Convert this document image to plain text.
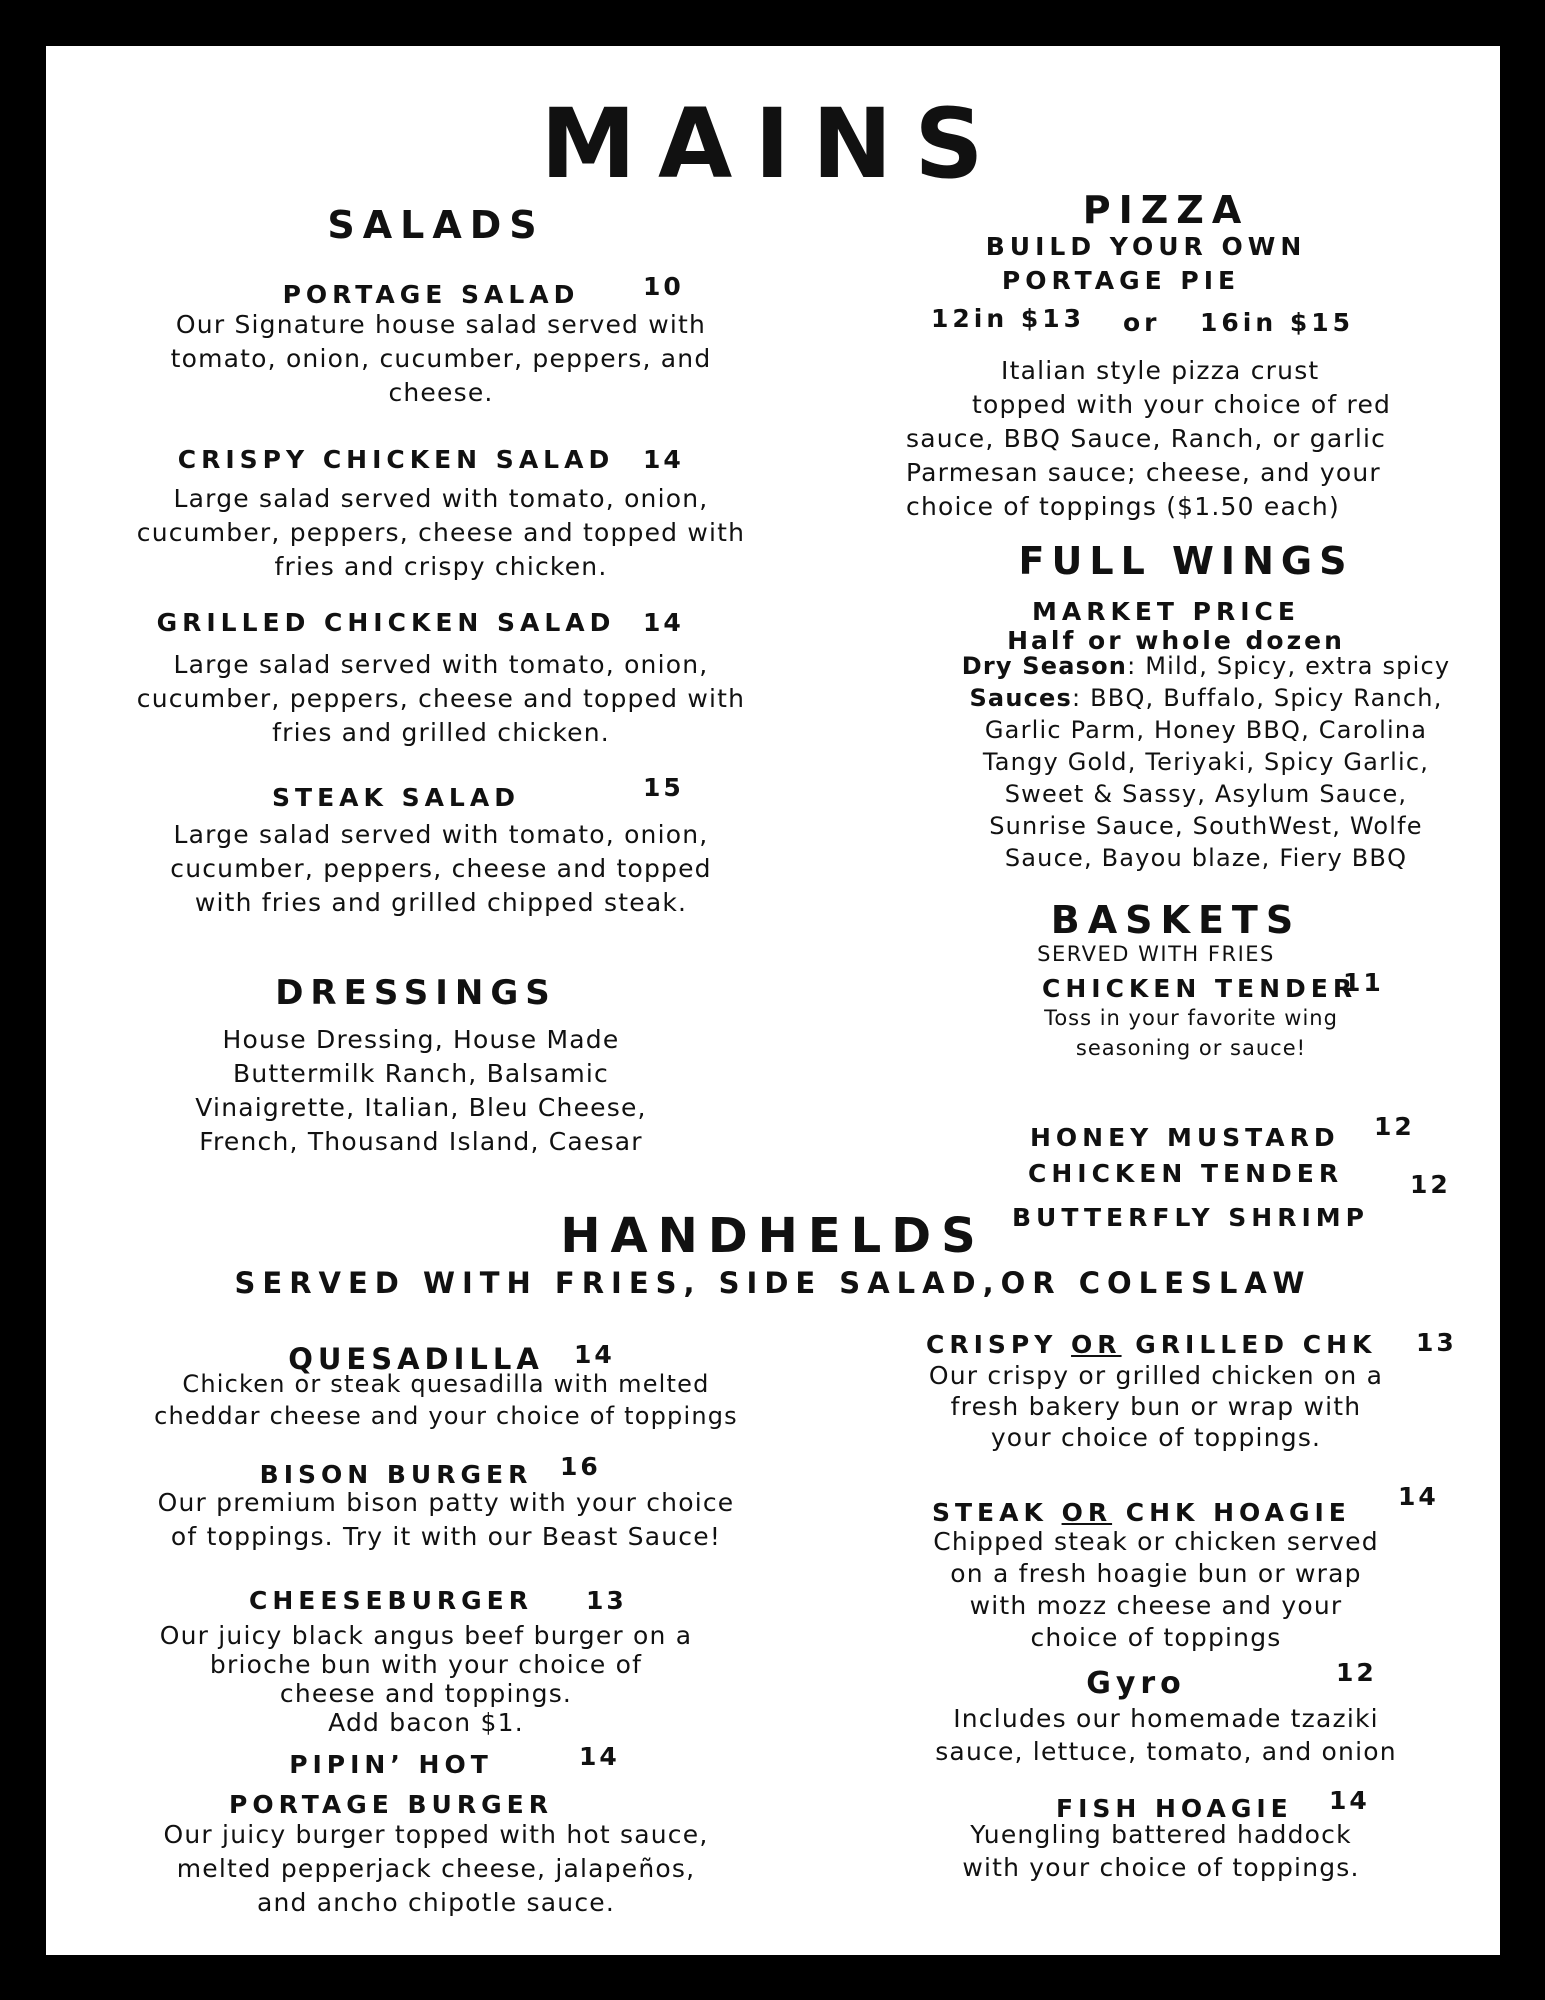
MAINS
SALADS
PORTAGE SALAD	10
Our Signature house salad served with
tomato, onion, cucumber, peppers, and
cheese.
CRISPY CHICKEN SALAD	14
Large salad served with tomato, onion,
cucumber, peppers, cheese and topped with
fries and crispy chicken.
GRILLED CHICKEN SALAD	14
Large salad served with tomato, onion,
cucumber, peppers, cheese and topped with
fries and grilled chicken.
STEAK SALAD	15
Large salad served with tomato, onion,
cucumber, peppers, cheese and topped
with fries and grilled chipped steak.
DRESSINGS
House Dressing, House Made
Buttermilk Ranch, Balsamic
Vinaigrette, Italian, Bleu Cheese,
French, Thousand Island, Caesar
PIZZA
BUILD YOUR OWN
PORTAGE PIE
12in $13 or 16in $15
Italian style pizza crust
topped with your choice of red
sauce, BBQ Sauce, Ranch, or garlic
Parmesan sauce; cheese, and your
choice of toppings ($1.50 each)
FULL WINGS
MARKET PRICE
Half or whole dozen
Dry Season: Mild, Spicy, extra spicy
Sauces: BBQ, Buffalo, Spicy Ranch,
Garlic Parm, Honey BBQ, Carolina
Tangy Gold, Teriyaki, Spicy Garlic,
Sweet & Sassy, Asylum Sauce,
Sunrise Sauce, SouthWest, Wolfe
Sauce, Bayou blaze, Fiery BBQ
BASKETS
SERVED WITH FRIES
CHICKEN TENDER
11
Toss in your favorite wing
seasoning or sauce!
HONEY MUSTARD 12
CHICKEN TENDER
BUTTERFLY SHRIMP
12
HANDHELDS
SERVED WITH FRIES, SIDE SALAD,OR COLESLAW
QUESADILLA	14
Chicken or steak quesadilla with melted
cheddar cheese and your choice of toppings
BISON BURGER	16
Our premium bison patty with your choice
of toppings. Try it with our Beast Sauce!
CHEESEBURGER	13
Our juicy black angus beef burger on a
brioche bun with your choice of
cheese and toppings.
Add bacon $1.
PIPIN’ HOT	14
PORTAGE BURGER
Our juicy burger topped with hot sauce,
melted pepperjack cheese, jalapeños,
and ancho chipotle sauce.
CRISPY OR GRILLED CHK 13
Our crispy or grilled chicken on a
fresh bakery bun or wrap with
your choice of toppings.
STEAK OR CHK HOAGIE
14
Chipped steak or chicken served
on a fresh hoagie bun or wrap
with mozz cheese and your
choice of toppings
Gyro	12
Includes our homemade tzaziki
sauce, lettuce, tomato, and onion
FISH HOAGIE 14
Yuengling battered haddock
with your choice of toppings.
